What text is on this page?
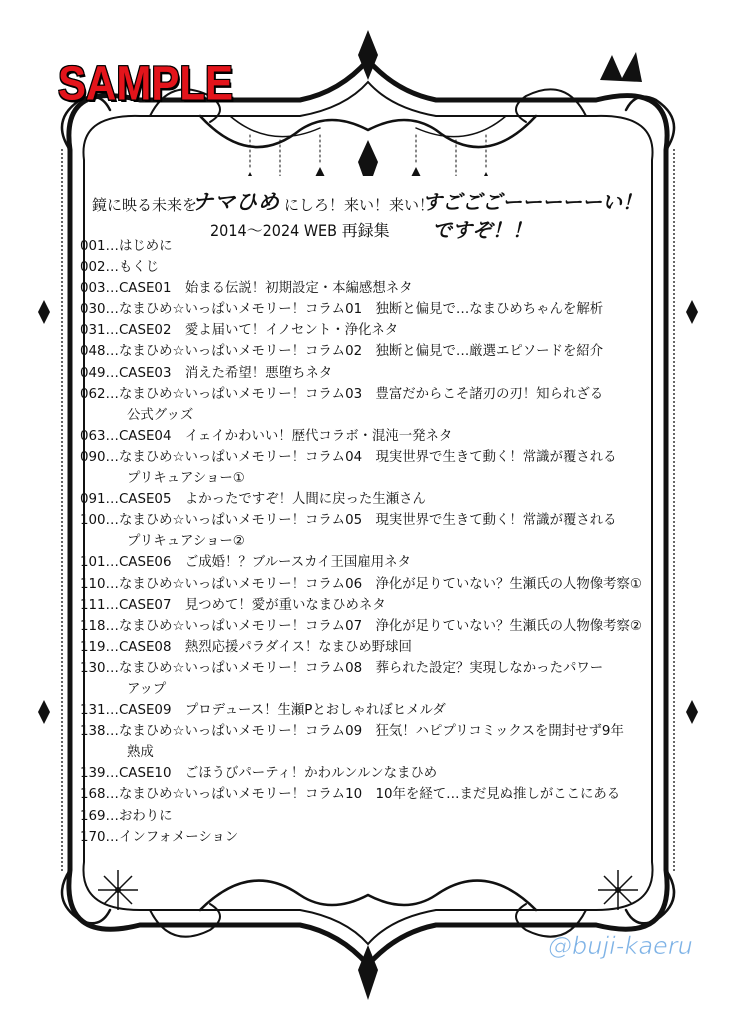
SAMPLE
鏡に映る未来を
ナマひめ にしろ！来い！来い！
すごごごーーーーーい！
2014～2024 WEB 再録集 ですぞ！！
001…はじめに
002…もくじ
003…CASE01　始まる伝説！初期設定・本編感想ネタ
030…なまひめ☆いっぱいメモリー！コラム01　独断と偏見で…なまひめちゃんを解析
031…CASE02　愛よ届いて！イノセント・浄化ネタ
048…なまひめ☆いっぱいメモリー！コラム02　独断と偏見で…厳選エピソードを紹介
049…CASE03　消えた希望！悪堕ちネタ
062…なまひめ☆いっぱいメモリー！コラム03　豊富だからこそ諸刃の刃！知られざる
公式グッズ
063…CASE04　イェイかわいい！歴代コラボ・混沌一発ネタ
090…なまひめ☆いっぱいメモリー！コラム04　現実世界で生きて動く！常識が覆される
プリキュアショー①
091…CASE05　よかったですぞ！人間に戻った生瀬さん
100…なまひめ☆いっぱいメモリー！コラム05　現実世界で生きて動く！常識が覆される
プリキュアショー②
101…CASE06　ご成婚！？ブルースカイ王国雇用ネタ
110…なまひめ☆いっぱいメモリー！コラム06　浄化が足りていない？生瀬氏の人物像考察①
111…CASE07　見つめて！愛が重いなまひめネタ
118…なまひめ☆いっぱいメモリー！コラム07　浄化が足りていない？生瀬氏の人物像考察②
119…CASE08　熱烈応援パラダイス！なまひめ野球回
130…なまひめ☆いっぱいメモリー！コラム08　葬られた設定？実現しなかったパワー
アップ
131…CASE09　プロデュース！生瀬Pとおしゃれぼヒメルダ
138…なまひめ☆いっぱいメモリー！コラム09　狂気！ハピプリコミックスを開封せず9年
熟成
139…CASE10　ごほうびパーティ！かわルンルンなまひめ
168…なまひめ☆いっぱいメモリー！コラム10　10年を経て…まだ見ぬ推しがここにある
169…おわりに
170…インフォメーション
@buji-kaeru
